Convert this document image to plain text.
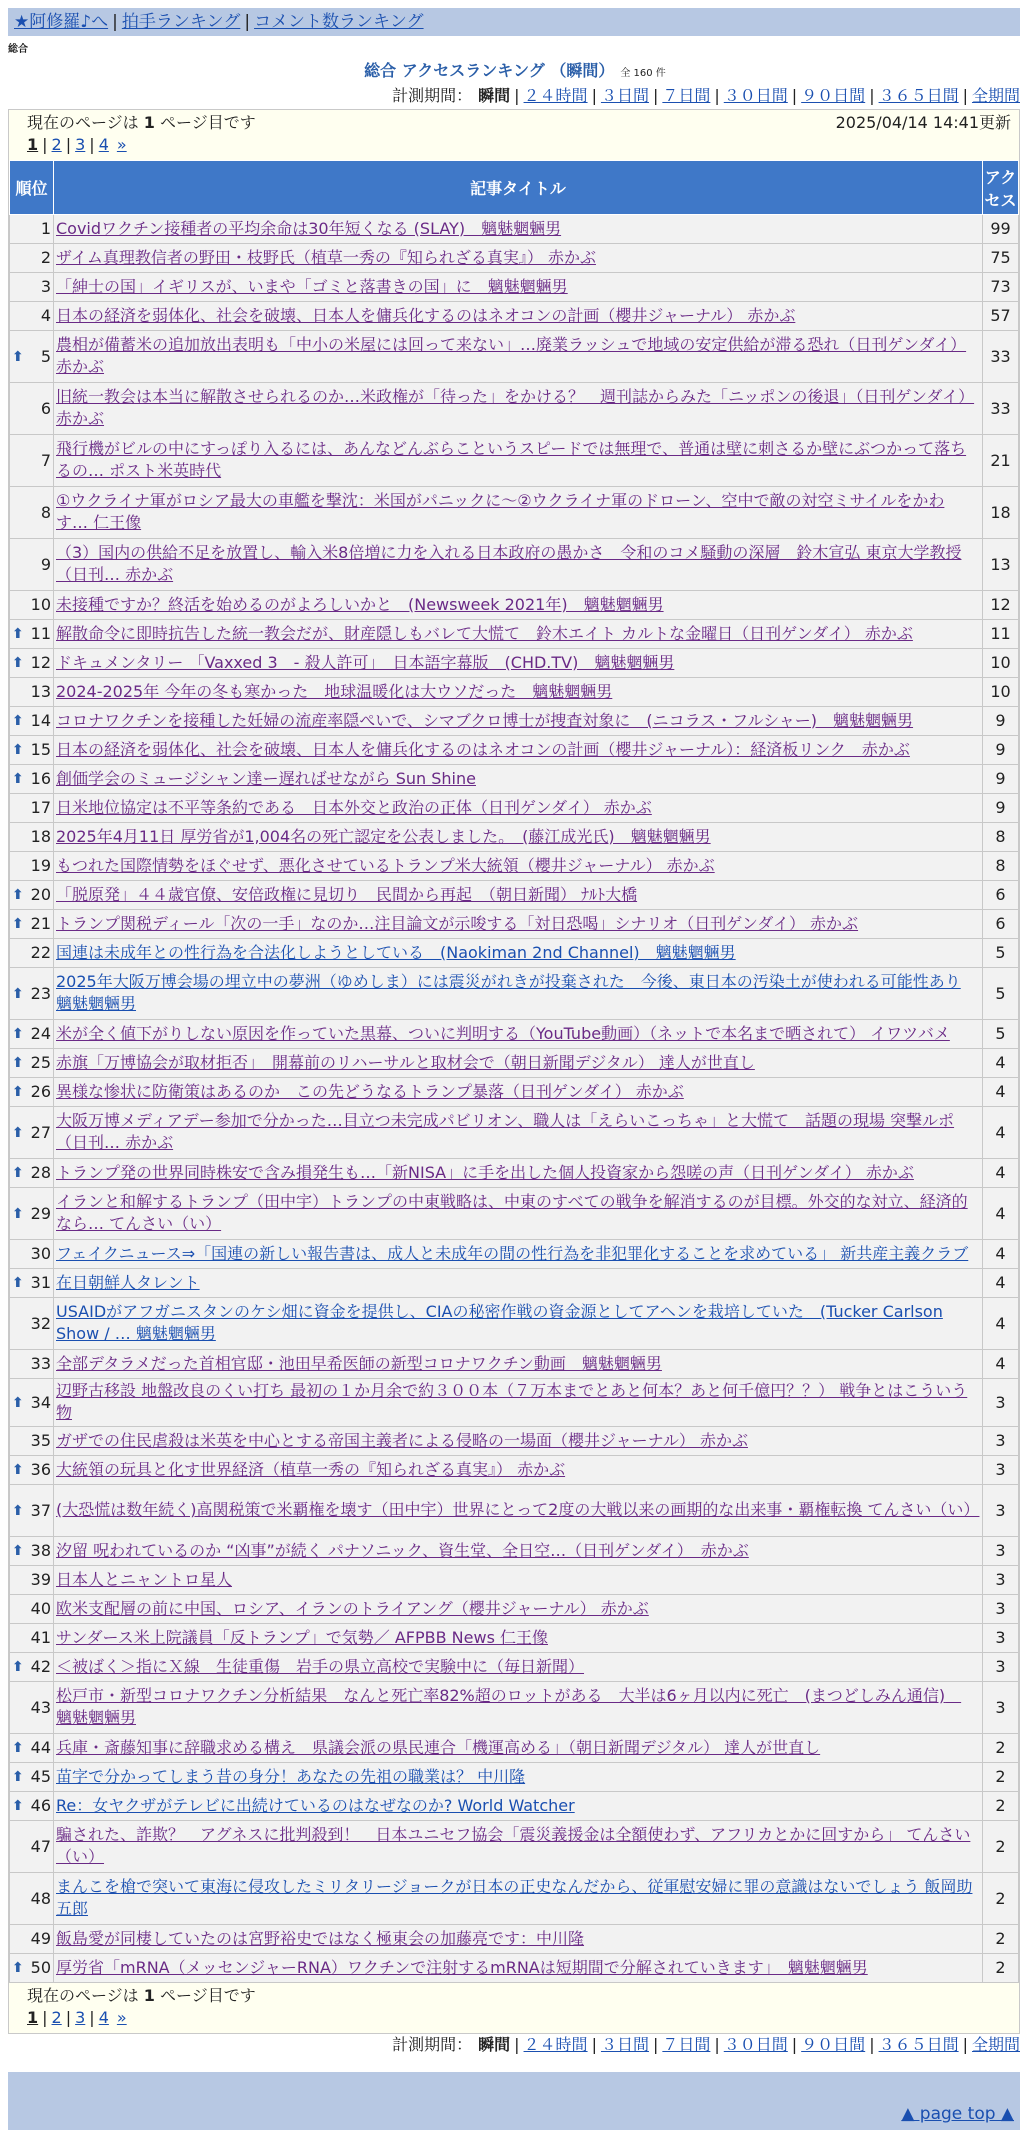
★阿修羅♪へ | 拍手ランキング | コメント数ランキング
総合
総合 アクセスランキング （瞬間） 全 160 件
計測期間： 瞬間 | ２４時間 | ３日間 | ７日間 | ３０日間 | ９０日間 | ３６５日間 | 全期間
現在のページは 1 ページ目です	2025/04/14 14:41更新
1 | 2 | 3 | 4 »
順位	記事タイトル	アクセス
1	Covidワクチン接種者の平均余命は30年短くなる (SLAY)　魑魅魍魎男	99
2	ザイム真理教信者の野田・枝野氏（植草一秀の『知られざる真実』） 赤かぶ	75
3	「紳士の国」イギリスが、いまや「ゴミと落書きの国」に　魑魅魍魎男	73
4	日本の経済を弱体化、社会を破壊、日本人を傭兵化するのはネオコンの計画（櫻井ジャーナル） 赤かぶ	57

⬆ 5	農相が備蓄米の追加放出表明も「中小の米屋には回って来ない」…廃業ラッシュで地域の安定供給が滞る恐れ（日刊ゲンダイ） 赤かぶ	33
6	旧統一教会は本当に解散させられるのか…米政権が「待った」をかける？　週刊誌からみた「ニッポンの後退」（日刊ゲンダイ） 赤かぶ	33
7	飛行機がビルの中にすっぽり入るには、あんなどんぶらこというスピードでは無理で、普通は壁に刺さるか壁にぶつかって落ちるの… ポスト米英時代	21
8	①ウクライナ軍がロシア最大の車艦を撃沈：米国がパニックに～②ウクライナ軍のドローン、空中で敵の対空ミサイルをかわす… 仁王像	18
9	（3）国内の供給不足を放置し、輸入米8倍増に力を入れる日本政府の愚かさ　令和のコメ騒動の深層　鈴木宣弘 東京大学教授（日刊… 赤かぶ	13
10	未接種ですか？終活を始めるのがよろしいかと　(Newsweek 2021年)　魑魅魍魎男	12

⬆ 11	解散命令に即時抗告した統一教会だが、財産隠しもバレて大慌て　鈴木エイト カルトな金曜日（日刊ゲンダイ） 赤かぶ	11

⬆ 12	ドキュメンタリー 「Vaxxed 3　- 殺人許可」　日本語字幕版　(CHD.TV)　魑魅魍魎男	10
13	2024-2025年 今年の冬も寒かった　地球温暖化は大ウソだった　魑魅魍魎男	10

⬆ 14	コロナワクチンを接種した妊婦の流産率隠ぺいで、シマブクロ博士が捜査対象に　(ニコラス・フルシャー)　魑魅魍魎男	9

⬆ 15	日本の経済を弱体化、社会を破壊、日本人を傭兵化するのはネオコンの計画（櫻井ジャーナル）：経済板リンク　赤かぶ	9

⬆ 16	創価学会のミュージシャン達ー遅ればせながら Sun Shine	9
17	日米地位協定は不平等条約である　日本外交と政治の正体（日刊ゲンダイ） 赤かぶ	9
18	2025年4月11日 厚労省が1,004名の死亡認定を公表しました。　(藤江成光氏)　魑魅魍魎男	8
19	もつれた国際情勢をほぐせず、悪化させているトランプ米大統領（櫻井ジャーナル） 赤かぶ	8

⬆ 20	「脱原発」４４歳官僚、安倍政権に見切り　民間から再起　（朝日新聞） ﾅﾙﾄ大橋	6

⬆ 21	トランプ関税ディール「次の一手」なのか…注目論文が示唆する「対日恐喝」シナリオ（日刊ゲンダイ） 赤かぶ	6
22	国連は未成年との性行為を合法化しようとしている　(Naokiman 2nd Channel)　魑魅魍魎男	5

⬆ 23	2025年大阪万博会場の埋立中の夢洲（ゆめしま）には震災がれきが投棄された　今後、東日本の汚染土が使われる可能性あり 魑魅魍魎男	5

⬆ 24	米が全く値下がりしない原因を作っていた黒幕、ついに判明する（YouTube動画）（ネットで本名まで晒されて） イワツバメ	5

⬆ 25	赤旗「万博協会が取材拒否」　開幕前のリハーサルと取材会で（朝日新聞デジタル） 達人が世直し	4

⬆ 26	異様な惨状に防衛策はあるのか　この先どうなるトランプ暴落（日刊ゲンダイ） 赤かぶ	4

⬆ 27	大阪万博メディアデー参加で分かった…目立つ未完成パビリオン、職人は「えらいこっちゃ」と大慌て　話題の現場 突撃ルポ（日刊… 赤かぶ	4

⬆ 28	トランプ発の世界同時株安で含み損発生も…「新NISA」に手を出した個人投資家から怨嗟の声（日刊ゲンダイ） 赤かぶ	4

⬆ 29	イランと和解するトランプ（田中宇）トランプの中東戦略は、中東のすべての戦争を解消するのが目標。外交的な対立、経済的なら… てんさい（い）	4
30	フェイクニュース⇒「国連の新しい報告書は、成人と未成年の間の性行為を非犯罪化することを求めている」 新共産主義クラブ	4

⬆ 31	在日朝鮮人タレント	4
32	USAIDがアフガニスタンのケシ畑に資金を提供し、CIAの秘密作戦の資金源としてアヘンを栽培していた　(Tucker Carlson Show / … 魑魅魍魎男	4
33	全部デタラメだった首相官邸・池田早希医師の新型コロナワクチン動画　魑魅魍魎男	4

⬆ 34	辺野古移設 地盤改良のくい打ち 最初の１か月余で約３００本（７万本までとあと何本？あと何千億円？？） 戦争とはこういう物	3
35	ガザでの住民虐殺は米英を中心とする帝国主義者による侵略の一場面（櫻井ジャーナル） 赤かぶ	3

⬆ 36	大統領の玩具と化す世界経済（植草一秀の『知られざる真実』） 赤かぶ	3

⬆ 37	(大恐慌は数年続く)高関税策で米覇権を壊す（田中宇）世界にとって2度の大戦以来の画期的な出来事・覇権転換 てんさい（い）	3

⬆ 38	汐留 呪われているのか “凶事”が続く パナソニック、資生堂、全日空…（日刊ゲンダイ）　赤かぶ	3
39	日本人とニャントロ星人	3
40	欧米支配層の前に中国、ロシア、イランのトライアング（櫻井ジャーナル） 赤かぶ	3
41	サンダース米上院議員「反トランプ」で気勢／ AFPBB News 仁王像	3

⬆ 42	＜被ばく＞指にＸ線　生徒重傷　岩手の県立高校で実験中に（毎日新聞）	3
43	松戸市・新型コロナワクチン分析結果　なんと死亡率82%超のロットがある　大半は6ヶ月以内に死亡　(まつどしみん通信)　魑魅魍魎男	3

⬆ 44	兵庫・斎藤知事に辞職求める構え　県議会派の県民連合「機運高める」（朝日新聞デジタル） 達人が世直し	2

⬆ 45	苗字で分かってしまう昔の身分！あなたの先祖の職業は？ 中川隆	2

⬆ 46	Re：女ヤクザがテレビに出続けているのはなぜなのか? World Watcher	2
47	騙された、詐欺？　アグネスに批判殺到！　日本ユニセフ協会「震災義援金は全額使わず、アフリカとかに回すから」 てんさい（い）	2
48	まんこを槍で突いて東海に侵攻したミリタリージョークが日本の正史なんだから、従軍慰安婦に罪の意識はないでしょう 飯岡助五郎	2
49	飯島愛が同棲していたのは宮野裕史ではなく極東会の加藤亮です：中川隆	2

⬆ 50	厚労省「mRNA（メッセンジャーRNA）ワクチンで注射するmRNAは短期間で分解されていきます」　魑魅魍魎男	2
現在のページは 1 ページ目です
1 | 2 | 3 | 4 »
計測期間： 瞬間 | ２４時間 | ３日間 | ７日間 | ３０日間 | ９０日間 | ３６５日間 | 全期間
▲ page top ▲
